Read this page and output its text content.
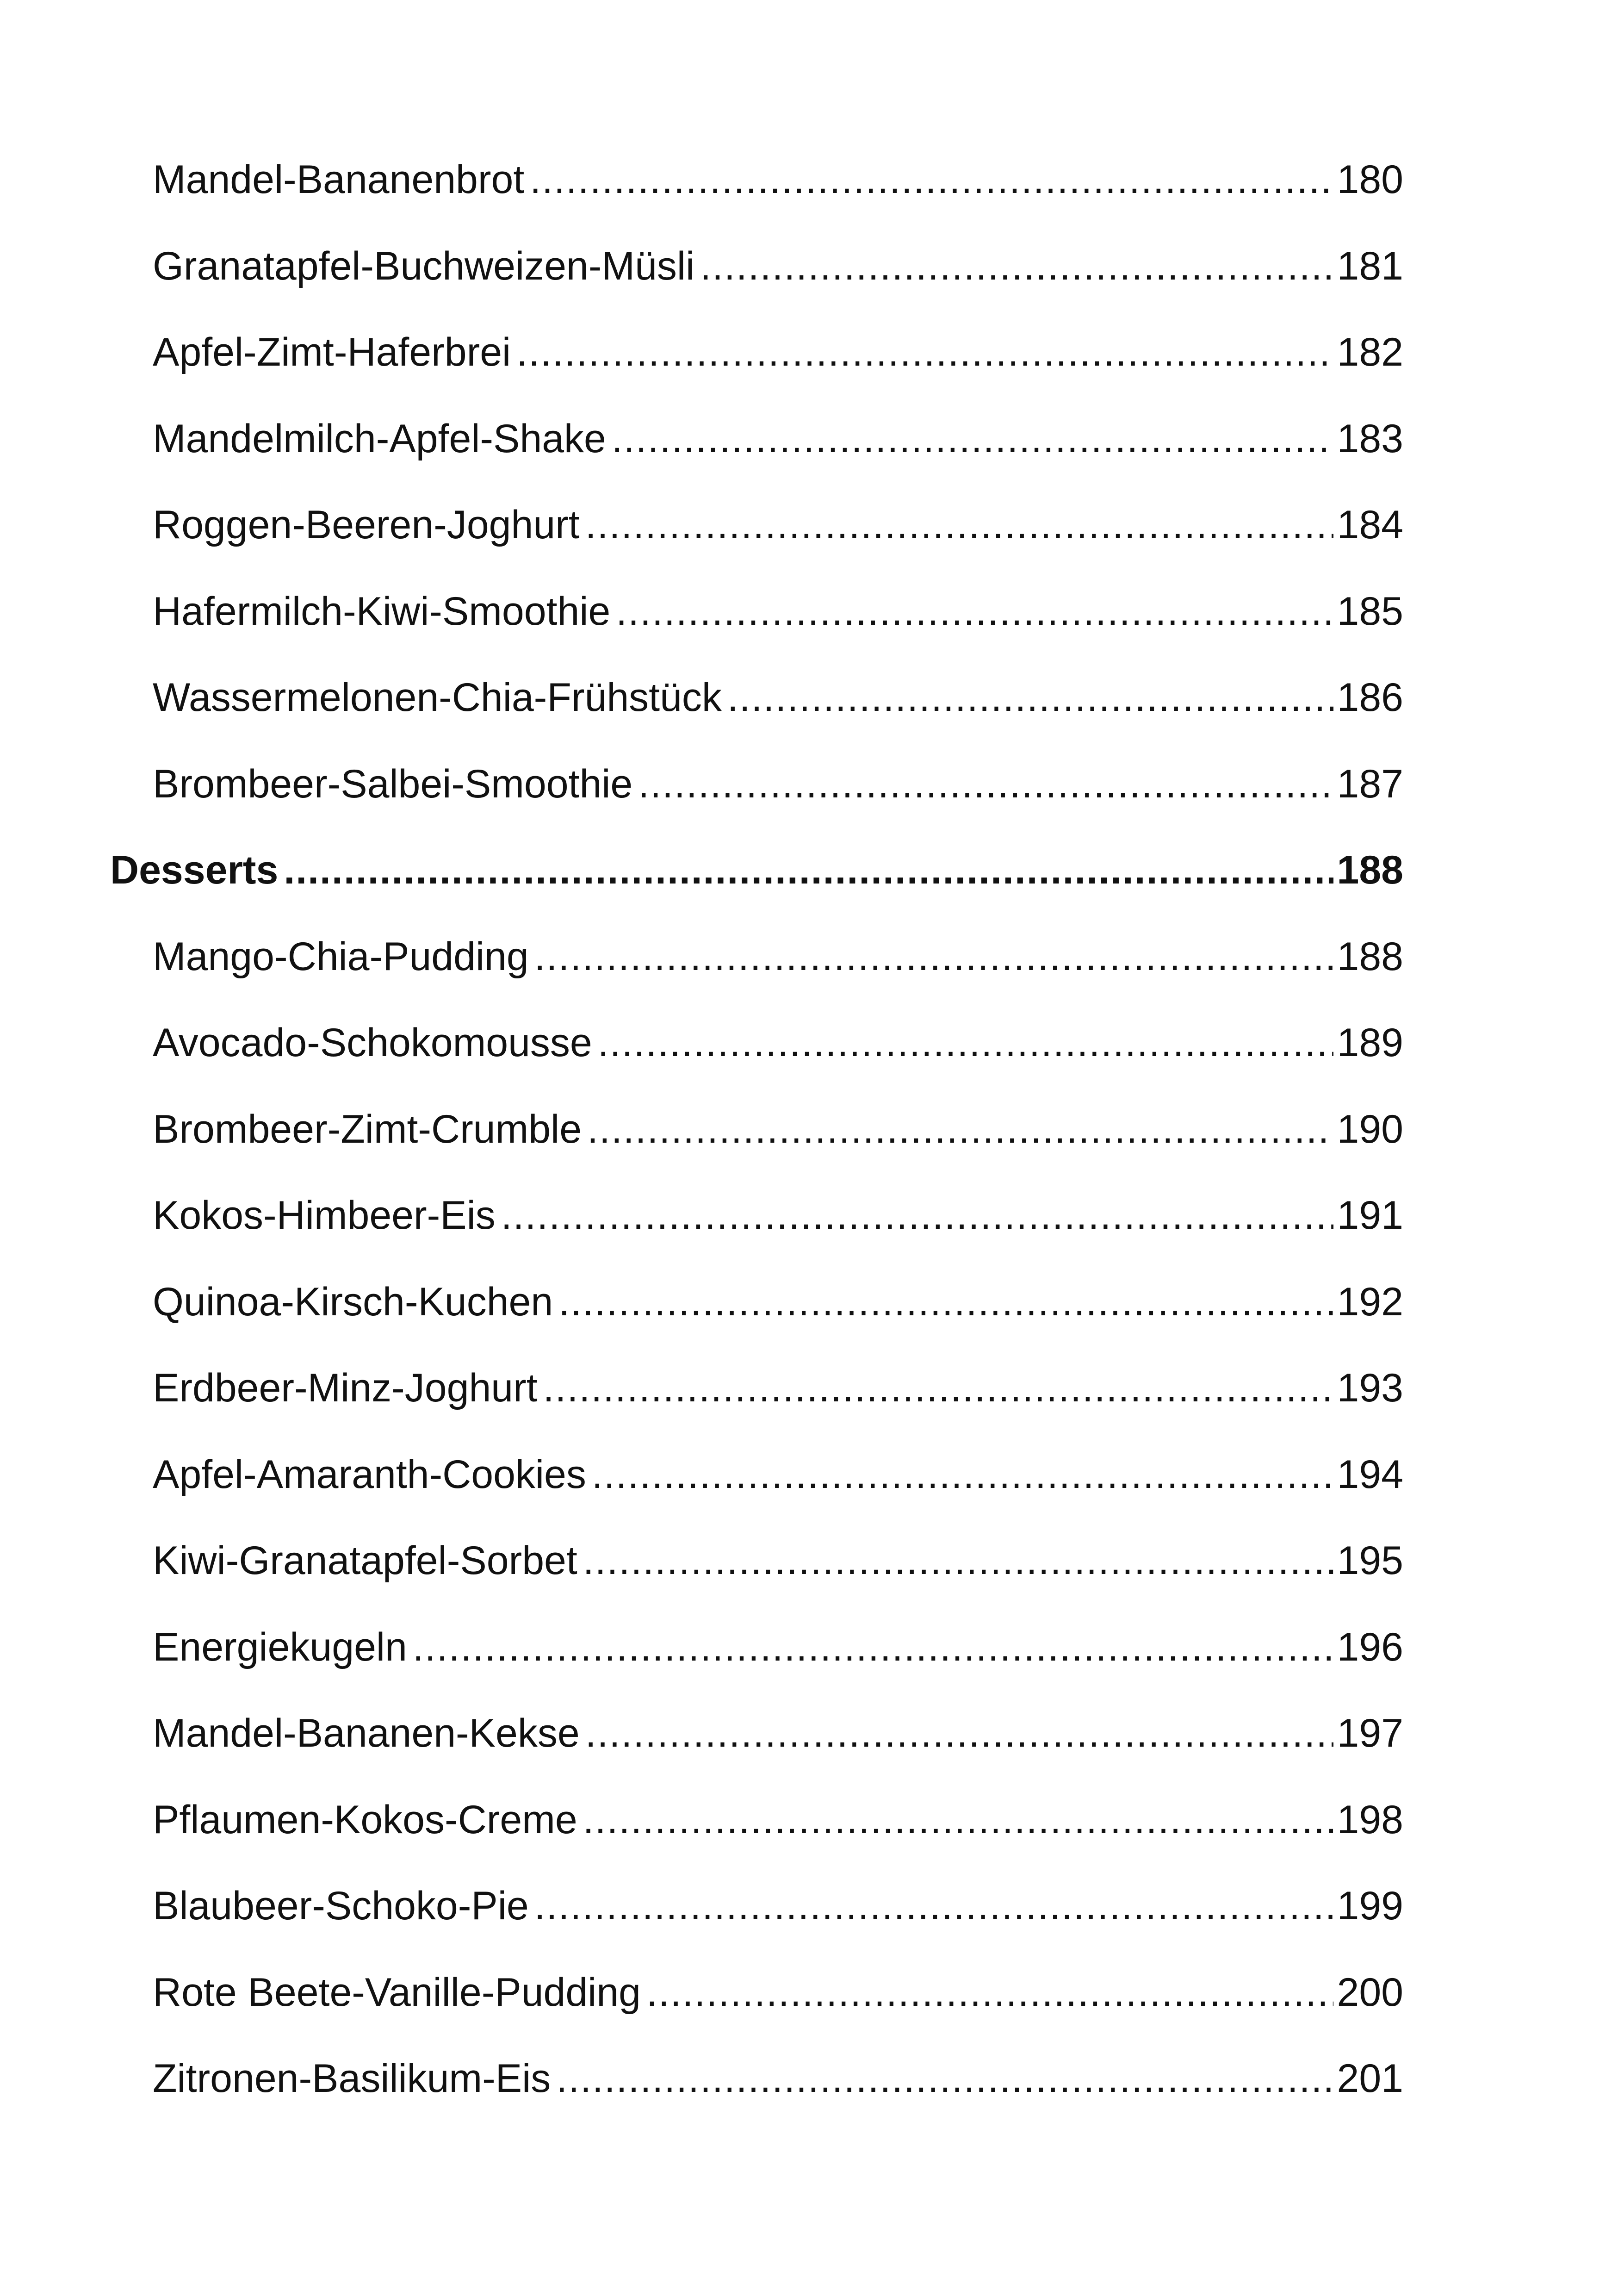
Mandel-Bananenbrot .....	180
Granatapfel-Buchweizen-Müsli .....	181
Apfel-Zimt-Haferbrei .....	182
Mandelmilch-Apfel-Shake .....	183
Roggen-Beeren-Joghurt .....	184
Hafermilch-Kiwi-Smoothie .....	185
Wassermelonen-Chia-Frühstück .....	186
Brombeer-Salbei-Smoothie .....	187
Desserts .....	188
Mango-Chia-Pudding .....	188
Avocado-Schokomousse .....	189
Brombeer-Zimt-Crumble .....	190
Kokos-Himbeer-Eis .....	191
Quinoa-Kirsch-Kuchen .....	192
Erdbeer-Minz-Joghurt .....	193
Apfel-Amaranth-Cookies .....	194
Kiwi-Granatapfel-Sorbet .....	195
Energiekugeln .....	196
Mandel-Bananen-Kekse .....	197
Pflaumen-Kokos-Creme .....	198
Blaubeer-Schoko-Pie .....	199
Rote Beete-Vanille-Pudding .....	200
Zitronen-Basilikum-Eis .....	201
